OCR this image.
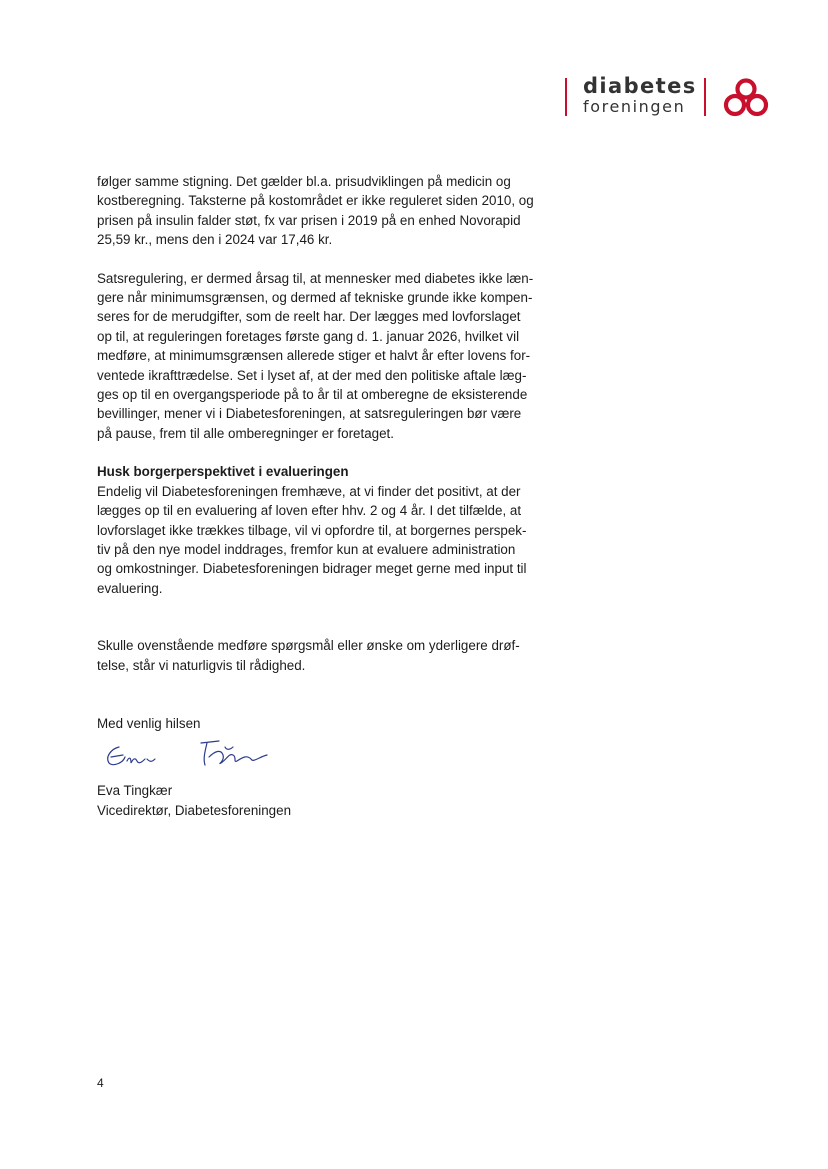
diabetes
foreningen

følger samme stigning. Det gælder bl.a. prisudviklingen på medicin og
kostberegning. Taksterne på kostområdet er ikke reguleret siden 2010, og
prisen på insulin falder støt, fx var prisen i 2019 på en enhed Novorapid
25,59 kr., mens den i 2024 var 17,46 kr.

Satsregulering, er dermed årsag til, at mennesker med diabetes ikke læn-
gere når minimumsgrænsen, og dermed af tekniske grunde ikke kompen-
seres for de merudgifter, som de reelt har. Der lægges med lovforslaget
op til, at reguleringen foretages første gang d. 1. januar 2026, hvilket vil
medføre, at minimumsgrænsen allerede stiger et halvt år efter lovens for-
ventede ikrafttrædelse. Set i lyset af, at der med den politiske aftale læg-
ges op til en overgangsperiode på to år til at omberegne de eksisterende
bevillinger, mener vi i Diabetesforeningen, at satsreguleringen bør være
på pause, frem til alle omberegninger er foretaget.

Husk borgerperspektivet i evalueringen

Endelig vil Diabetesforeningen fremhæve, at vi finder det positivt, at der
lægges op til en evaluering af loven efter hhv. 2 og 4 år. I det tilfælde, at
lovforslaget ikke trækkes tilbage, vil vi opfordre til, at borgernes perspek-
tiv på den nye model inddrages, fremfor kun at evaluere administration
og omkostninger. Diabetesforeningen bidrager meget gerne med input til
evaluering.

Skulle ovenstående medføre spørgsmål eller ønske om yderligere drøf-
telse, står vi naturligvis til rådighed.

Med venlig hilsen

Eva Tingkær

Vicedirektør, Diabetesforeningen

4
